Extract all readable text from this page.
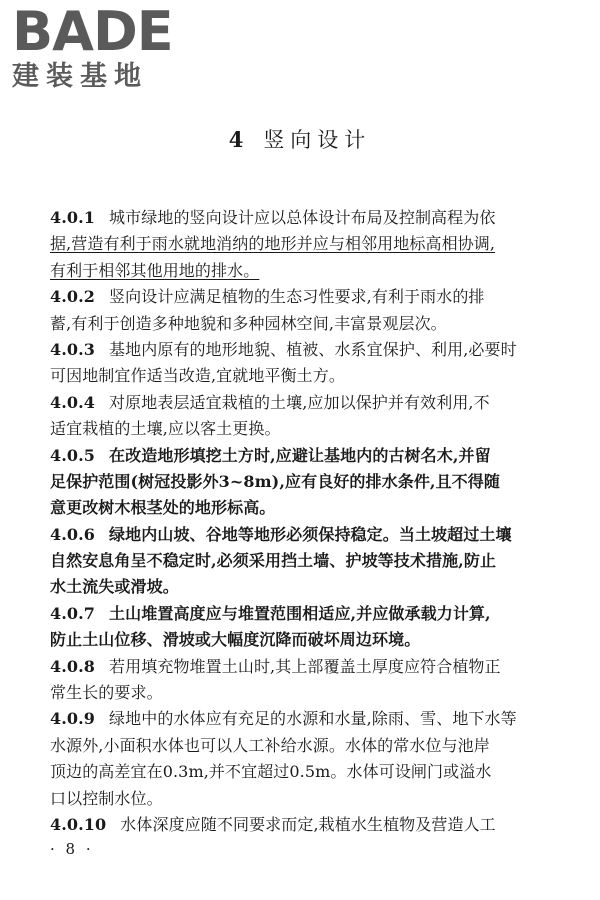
BADE
建装基地
4 竖向设计
4.0.1 城市绿地的竖向设计应以总体设计布局及控制高程为依
据,营造有利于雨水就地消纳的地形并应与相邻用地标高相协调,
有利于相邻其他用地的排水。
4.0.2 竖向设计应满足植物的生态习性要求,有利于雨水的排
蓄,有利于创造多种地貌和多种园林空间,丰富景观层次。
4.0.3 基地内原有的地形地貌、植被、水系宜保护、利用,必要时
可因地制宜作适当改造,宜就地平衡土方。
4.0.4 对原地表层适宜栽植的土壤,应加以保护并有效利用,不
适宜栽植的土壤,应以客土更换。
4.0.5 在改造地形填挖土方时,应避让基地内的古树名木,并留
足保护范围(树冠投影外3~8m),应有良好的排水条件,且不得随
意更改树木根茎处的地形标高。
4.0.6 绿地内山坡、谷地等地形必须保持稳定。当土坡超过土壤
自然安息角呈不稳定时,必须采用挡土墙、护坡等技术措施,防止
水土流失或滑坡。
4.0.7 土山堆置高度应与堆置范围相适应,并应做承载力计算,
防止土山位移、滑坡或大幅度沉降而破坏周边环境。
4.0.8 若用填充物堆置土山时,其上部覆盖土厚度应符合植物正
常生长的要求。
4.0.9 绿地中的水体应有充足的水源和水量,除雨、雪、地下水等
水源外,小面积水体也可以人工补给水源。水体的常水位与池岸
顶边的高差宜在0.3m,并不宜超过0.5m。水体可设闸门或溢水
口以控制水位。
4.0.10 水体深度应随不同要求而定,栽植水生植物及营造人工
· 8 ·
